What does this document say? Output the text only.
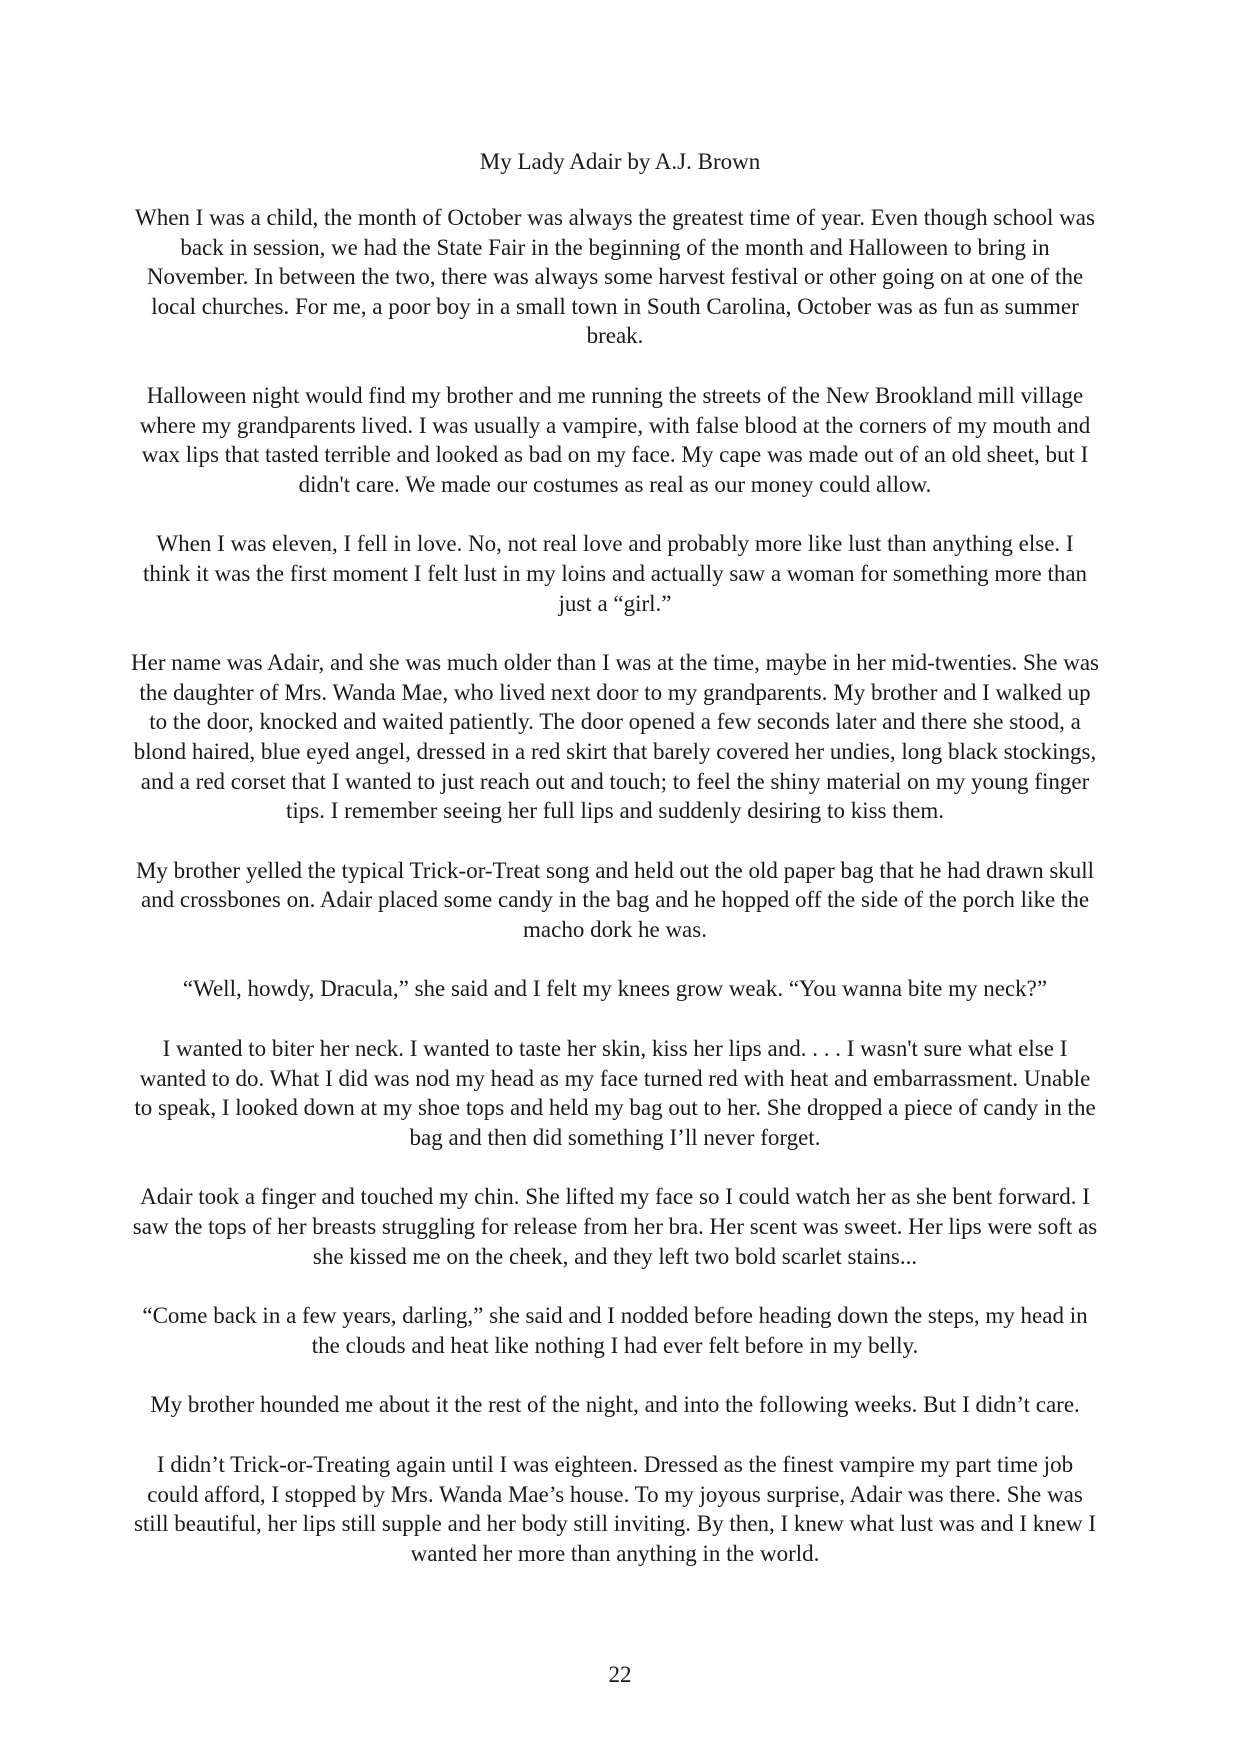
My Lady Adair by A.J. Brown

When I was a child, the month of October was always the greatest time of year. Even though school was back in session, we had the State Fair in the beginning of the month and Halloween to bring in November. In between the two, there was always some harvest festival or other going on at one of the local churches. For me, a poor boy in a small town in South Carolina, October was as fun as summer break.

Halloween night would find my brother and me running the streets of the New Brookland mill village where my grandparents lived. I was usually a vampire, with false blood at the corners of my mouth and wax lips that tasted terrible and looked as bad on my face. My cape was made out of an old sheet, but I didn't care. We made our costumes as real as our money could allow.

When I was eleven, I fell in love. No, not real love and probably more like lust than anything else. I think it was the first moment I felt lust in my loins and actually saw a woman for something more than just a “girl.”

Her name was Adair, and she was much older than I was at the time, maybe in her mid-twenties. She was the daughter of Mrs. Wanda Mae, who lived next door to my grandparents. My brother and I walked up to the door, knocked and waited patiently. The door opened a few seconds later and there she stood, a blond haired, blue eyed angel, dressed in a red skirt that barely covered her undies, long black stockings, and a red corset that I wanted to just reach out and touch; to feel the shiny material on my young finger tips. I remember seeing her full lips and suddenly desiring to kiss them.

My brother yelled the typical Trick-or-Treat song and held out the old paper bag that he had drawn skull and crossbones on. Adair placed some candy in the bag and he hopped off the side of the porch like the macho dork he was.

“Well, howdy, Dracula,” she said and I felt my knees grow weak. “You wanna bite my neck?”

I wanted to biter her neck. I wanted to taste her skin, kiss her lips and. . . . I wasn't sure what else I wanted to do. What I did was nod my head as my face turned red with heat and embarrassment. Unable to speak, I looked down at my shoe tops and held my bag out to her. She dropped a piece of candy in the bag and then did something I’ll never forget.

Adair took a finger and touched my chin. She lifted my face so I could watch her as she bent forward. I saw the tops of her breasts struggling for release from her bra. Her scent was sweet. Her lips were soft as she kissed me on the cheek, and they left two bold scarlet stains...

“Come back in a few years, darling,” she said and I nodded before heading down the steps, my head in the clouds and heat like nothing I had ever felt before in my belly.

My brother hounded me about it the rest of the night, and into the following weeks. But I didn’t care.

I didn’t Trick-or-Treating again until I was eighteen. Dressed as the finest vampire my part time job could afford, I stopped by Mrs. Wanda Mae’s house. To my joyous surprise, Adair was there. She was still beautiful, her lips still supple and her body still inviting. By then, I knew what lust was and I knew I wanted her more than anything in the world.

22
